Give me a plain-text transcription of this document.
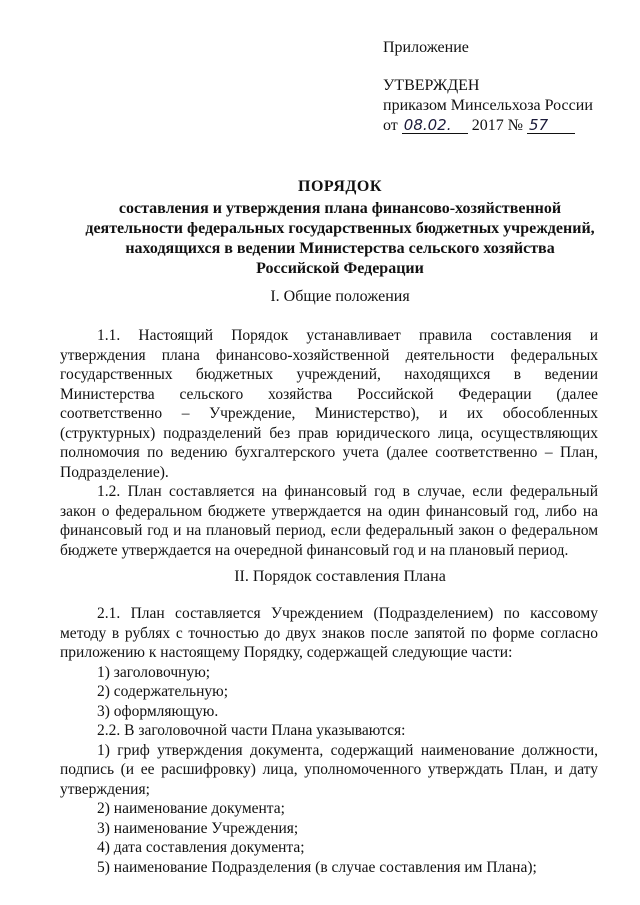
Приложение
УТВЕРЖДЕН
приказом Минсельхоза России
от 08.02. 2017 № 57
ПОРЯДОК
составления и утверждения плана финансово-хозяйственной
деятельности федеральных государственных бюджетных учреждений,
находящихся в ведении Министерства сельского хозяйства
Российской Федерации
I. Общие положения

1.1. Настоящий Порядок устанавливает правила составления и утверждения плана финансово-хозяйственной деятельности федеральных государственных бюджетных учреждений, находящихся в ведении Министерства сельского хозяйства Российской Федерации (далее соответственно – Учреждение, Министерство), и их обособленных (структурных) подразделений без прав юридического лица, осуществляющих полномочия по ведению бухгалтерского учета (далее соответственно – План, Подразделение).

1.2. План составляется на финансовый год в случае, если федеральный закон о федеральном бюджете утверждается на один финансовый год, либо на финансовый год и на плановый период, если федеральный закон о федеральном бюджете утверждается на очередной финансовый год и на плановый период.

II. Порядок составления Плана

2.1. План составляется Учреждением (Подразделением) по кассовому методу в рублях с точностью до двух знаков после запятой по форме согласно приложению к настоящему Порядку, содержащей следующие части:

1) заголовочную;

2) содержательную;

3) оформляющую.

2.2. В заголовочной части Плана указываются:

1) гриф утверждения документа, содержащий наименование должности, подпись (и ее расшифровку) лица, уполномоченного утверждать План, и дату утверждения;

2) наименование документа;

3) наименование Учреждения;

4) дата составления документа;

5) наименование Подразделения (в случае составления им Плана);
